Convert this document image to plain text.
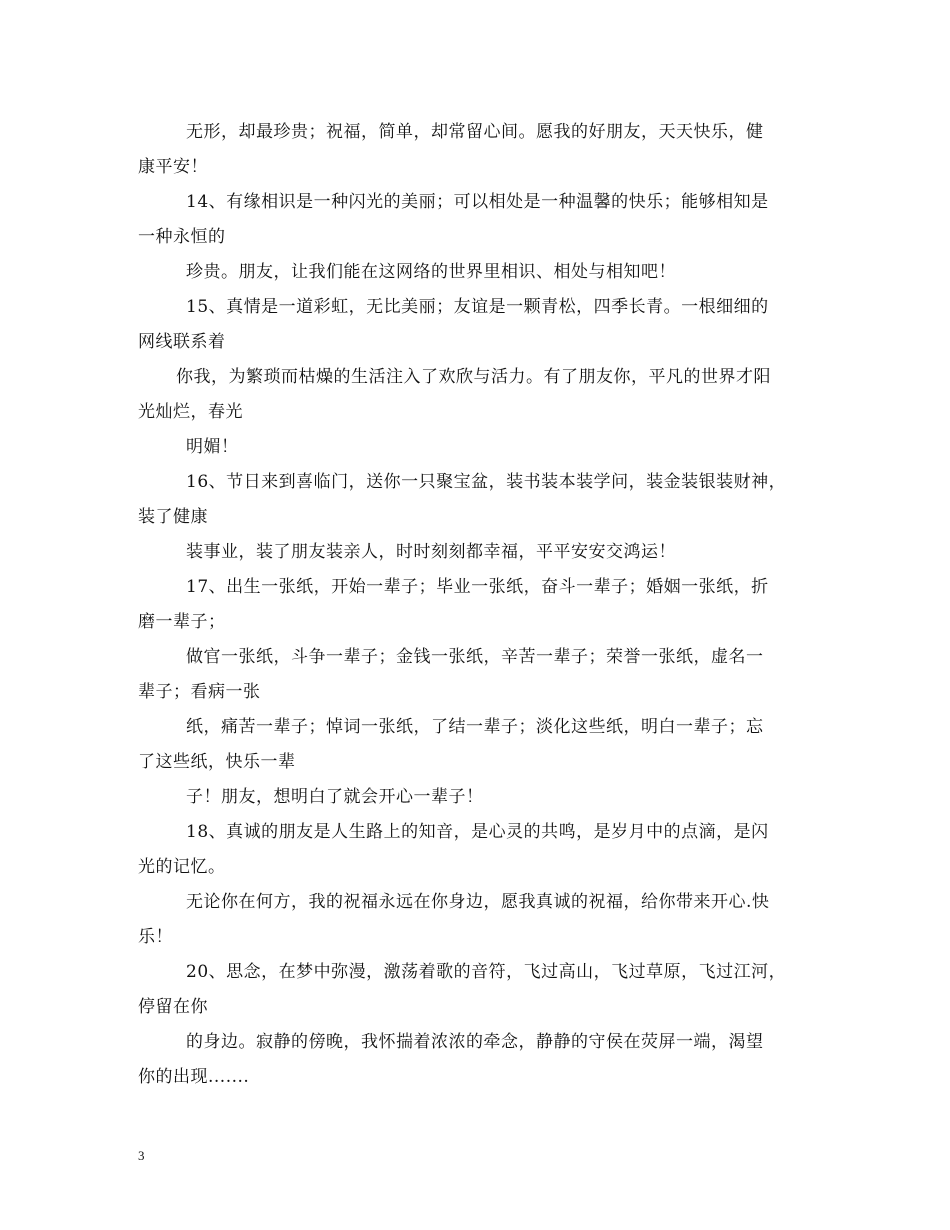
无形，却最珍贵；祝福，简单，却常留心间。愿我的好朋友，天天快乐，健
康平安！
14、有缘相识是一种闪光的美丽；可以相处是一种温馨的快乐；能够相知是
一种永恒的
珍贵。朋友，让我们能在这网络的世界里相识、相处与相知吧！
15、真情是一道彩虹，无比美丽；友谊是一颗青松，四季长青。一根细细的
网线联系着
你我，为繁琐而枯燥的生活注入了欢欣与活力。有了朋友你，平凡的世界才阳
光灿烂，春光
明媚！
16、节日来到喜临门，送你一只聚宝盆，装书装本装学问，装金装银装财神，
装了健康
装事业，装了朋友装亲人，时时刻刻都幸福，平平安安交鸿运！
17、出生一张纸，开始一辈子；毕业一张纸，奋斗一辈子；婚姻一张纸，折
磨一辈子；
做官一张纸，斗争一辈子；金钱一张纸，辛苦一辈子；荣誉一张纸，虚名一
辈子；看病一张
纸，痛苦一辈子；悼词一张纸，了结一辈子；淡化这些纸，明白一辈子；忘
了这些纸，快乐一辈
子！朋友，想明白了就会开心一辈子！
18、真诚的朋友是人生路上的知音，是心灵的共鸣，是岁月中的点滴，是闪
光的记忆。
无论你在何方，我的祝福永远在你身边，愿我真诚的祝福，给你带来开心.快
乐！
20、思念，在梦中弥漫，激荡着歌的音符，飞过高山，飞过草原，飞过江河，
停留在你
的身边。寂静的傍晚，我怀揣着浓浓的牵念，静静的守侯在荧屏一端，渴望
你的出现.......
3
